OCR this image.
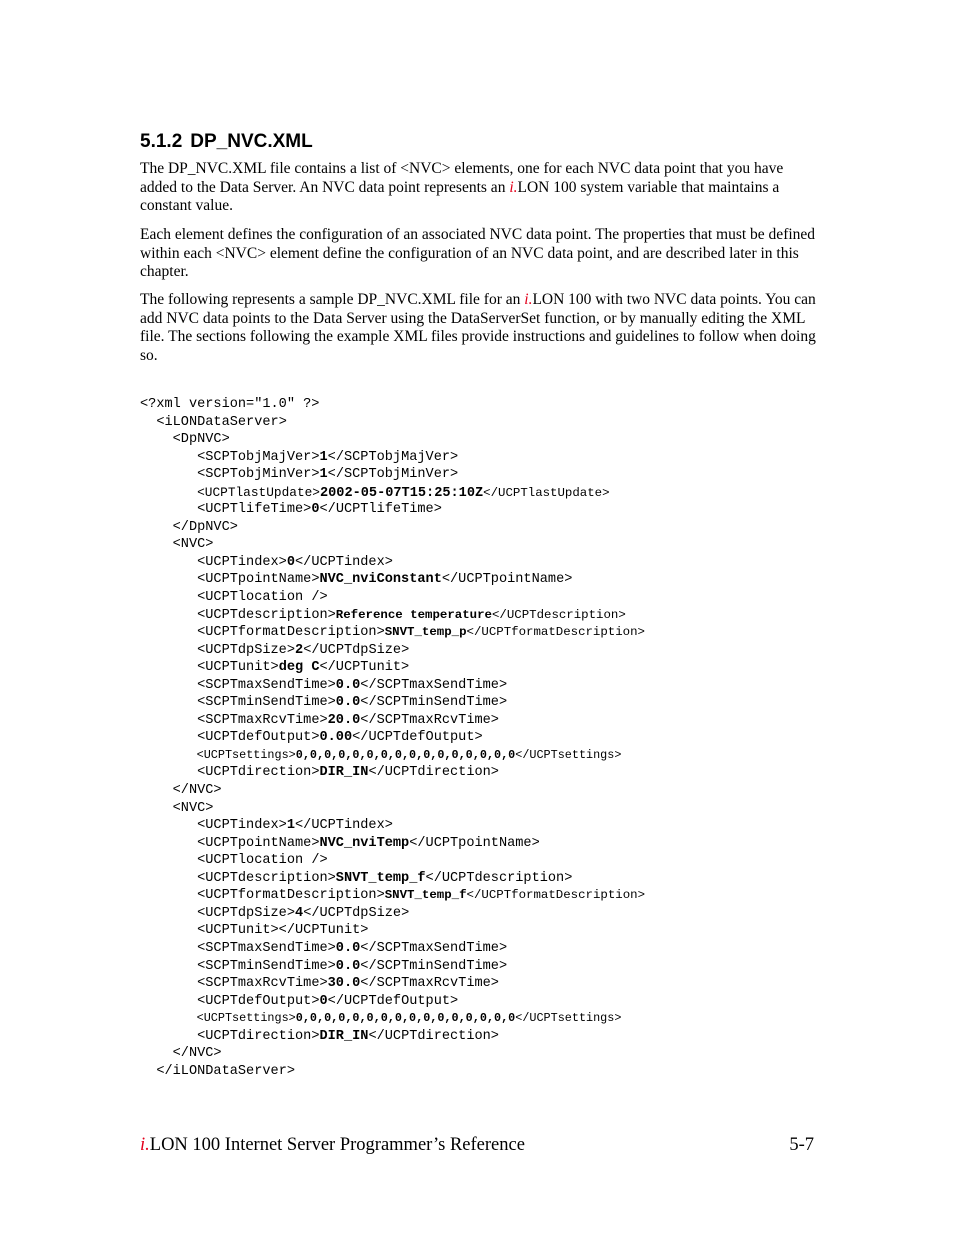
5.1.2 DP_NVC.XML

The DP_NVC.XML file contains a list of <NVC> elements, one for each NVC data point that you have added to the Data Server. An NVC data point represents an i.LON 100 system variable that maintains a constant value.

Each element defines the configuration of an associated NVC data point. The properties that must be defined within each <NVC> element define the configuration of an NVC data point, and are described later in this chapter.

The following represents a sample DP_NVC.XML file for an i.LON 100 with two NVC data points. You can add NVC data points to the Data Server using the DataServerSet function, or by manually editing the XML file. The sections following the example XML files provide instructions and guidelines to follow when doing so.

<?xml version="1.0" ?>
<iLONDataServer>
<DpNVC>
<SCPTobjMajVer>1</SCPTobjMajVer>
<SCPTobjMinVer>1</SCPTobjMinVer>
<UCPTlastUpdate>2002-05-07T15:25:10Z</UCPTlastUpdate>
<UCPTlifeTime>0</UCPTlifeTime>
</DpNVC>
<NVC>
<UCPTindex>0</UCPTindex>
<UCPTpointName>NVC_nviConstant</UCPTpointName>
<UCPTlocation />
<UCPTdescription>Reference temperature</UCPTdescription>
<UCPTformatDescription>SNVT_temp_p</UCPTformatDescription>
<UCPTdpSize>2</UCPTdpSize>
<UCPTunit>deg C</UCPTunit>
<SCPTmaxSendTime>0.0</SCPTmaxSendTime>
<SCPTminSendTime>0.0</SCPTminSendTime>
<SCPTmaxRcvTime>20.0</SCPTmaxRcvTime>
<UCPTdefOutput>0.00</UCPTdefOutput>
<UCPTsettings>0,0,0,0,0,0,0,0,0,0,0,0,0,0,0,0</UCPTsettings>
<UCPTdirection>DIR_IN</UCPTdirection>
</NVC>
<NVC>
<UCPTindex>1</UCPTindex>
<UCPTpointName>NVC_nviTemp</UCPTpointName>
<UCPTlocation />
<UCPTdescription>SNVT_temp_f</UCPTdescription>
<UCPTformatDescription>SNVT_temp_f</UCPTformatDescription>
<UCPTdpSize>4</UCPTdpSize>
<UCPTunit></UCPTunit>
<SCPTmaxSendTime>0.0</SCPTmaxSendTime>
<SCPTminSendTime>0.0</SCPTminSendTime>
<SCPTmaxRcvTime>30.0</SCPTmaxRcvTime>
<UCPTdefOutput>0</UCPTdefOutput>
<UCPTsettings>0,0,0,0,0,0,0,0,0,0,0,0,0,0,0,0</UCPTsettings>
<UCPTdirection>DIR_IN</UCPTdirection>
</NVC>
</iLONDataServer>

i.LON 100 Internet Server Programmer’s Reference	5-7
